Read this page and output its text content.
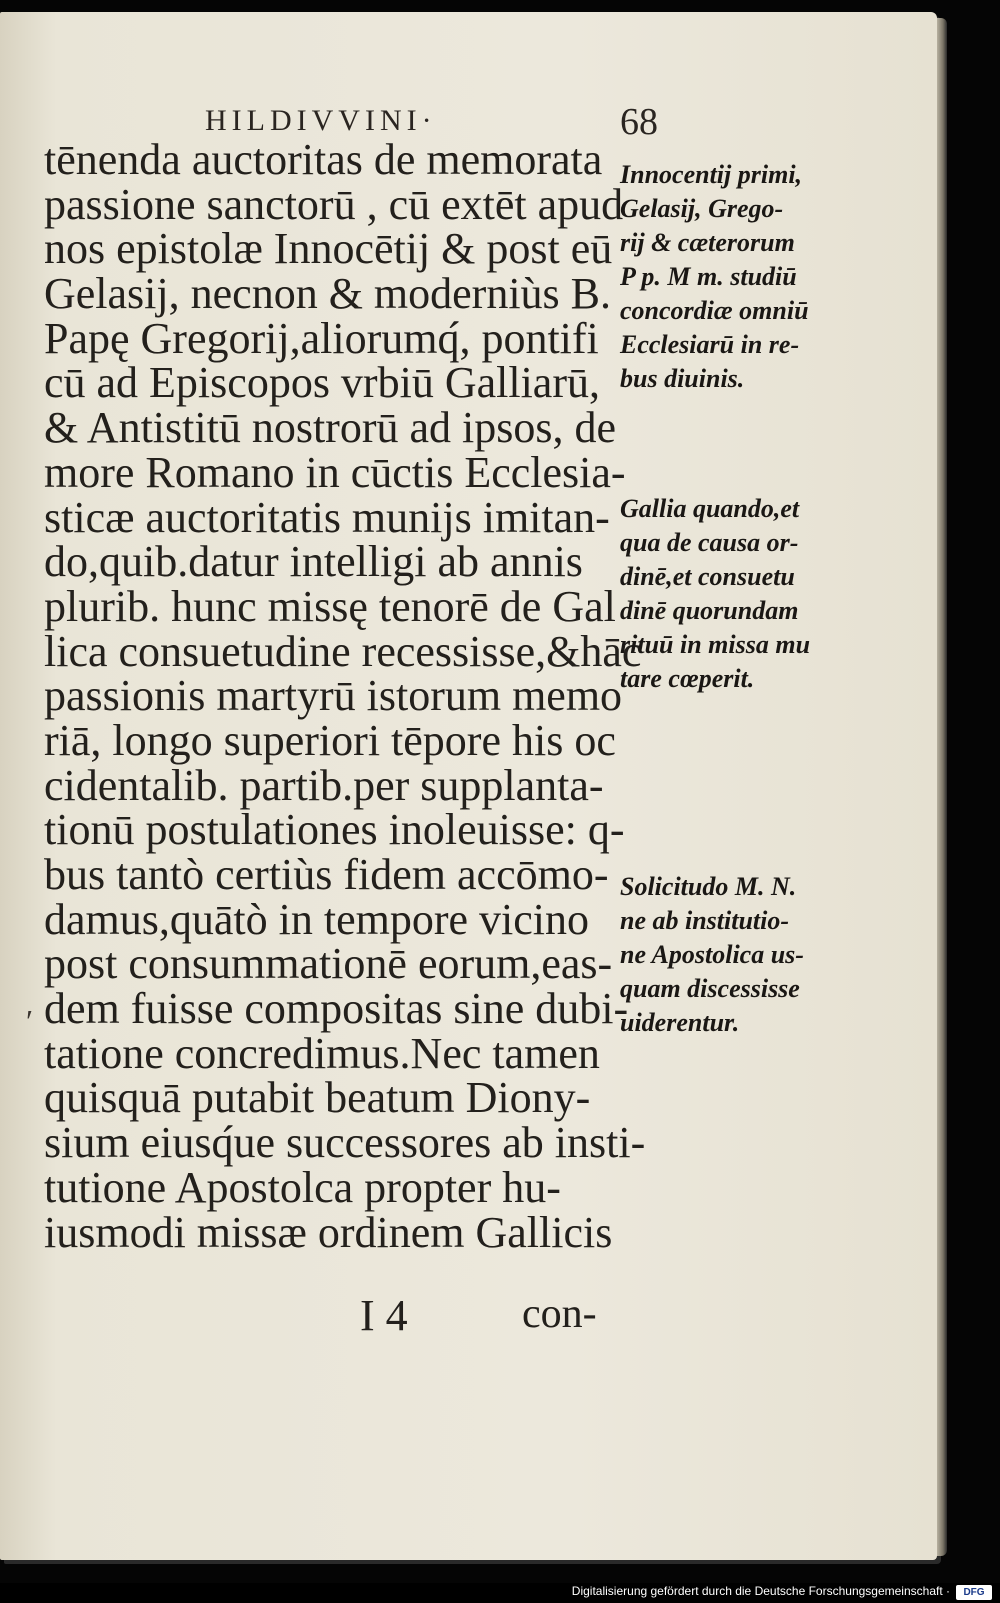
HILDIVVINI·	68
tēnenda auctoritas de memorata
passione sanctorū , cū extēt apud
nos epistolæ Innocētij & post eū
Gelasij, necnon & moderniùs B.
Papę Gregorij,aliorumq́, pontifi
cū ad Episcopos vrbiū Galliarū,
& Antistitū nostrorū ad ipsos, de
more Romano in cūctis Ecclesia-
sticæ auctoritatis munijs imitan-
do,quib.datur intelligi ab annis
plurib. hunc missę tenorē de Gal
lica consuetudine recessisse,&hāc
passionis martyrū istorum memo
riā, longo superiori tēpore his oc
cidentalib. partib.per supplanta-
tionū postulationes inoleuisse: q-
bus tantò certiùs fidem accōmo-
damus,quātò in tempore vicino
post consummationē eorum,eas-
dem fuisse compositas sine dubi-
tatione concredimus.Nec tamen
quisquā putabit beatum Diony-
sium eiusq́ue successores ab insti-
tutione Apostolca propter hu-
iusmodi missæ ordinem Gallicis
Innocentij primi,
Gelasij, Grego-
rij & cæterorum
P p. M m. studiū
concordiæ omniū
Ecclesiarū in re-
bus diuinis.
Gallia quando,et
qua de causa or-
dinē,et consuetu
dinē quorundam
rituū in missa mu
tare cœperit.
Solicitudo M. N.
ne ab institutio-
ne Apostolica us-
quam discessisse
uiderentur.
′
I 4	con-
Digitalisierung gefördert durch die Deutsche Forschungsgemeinschaft ·	DFG
